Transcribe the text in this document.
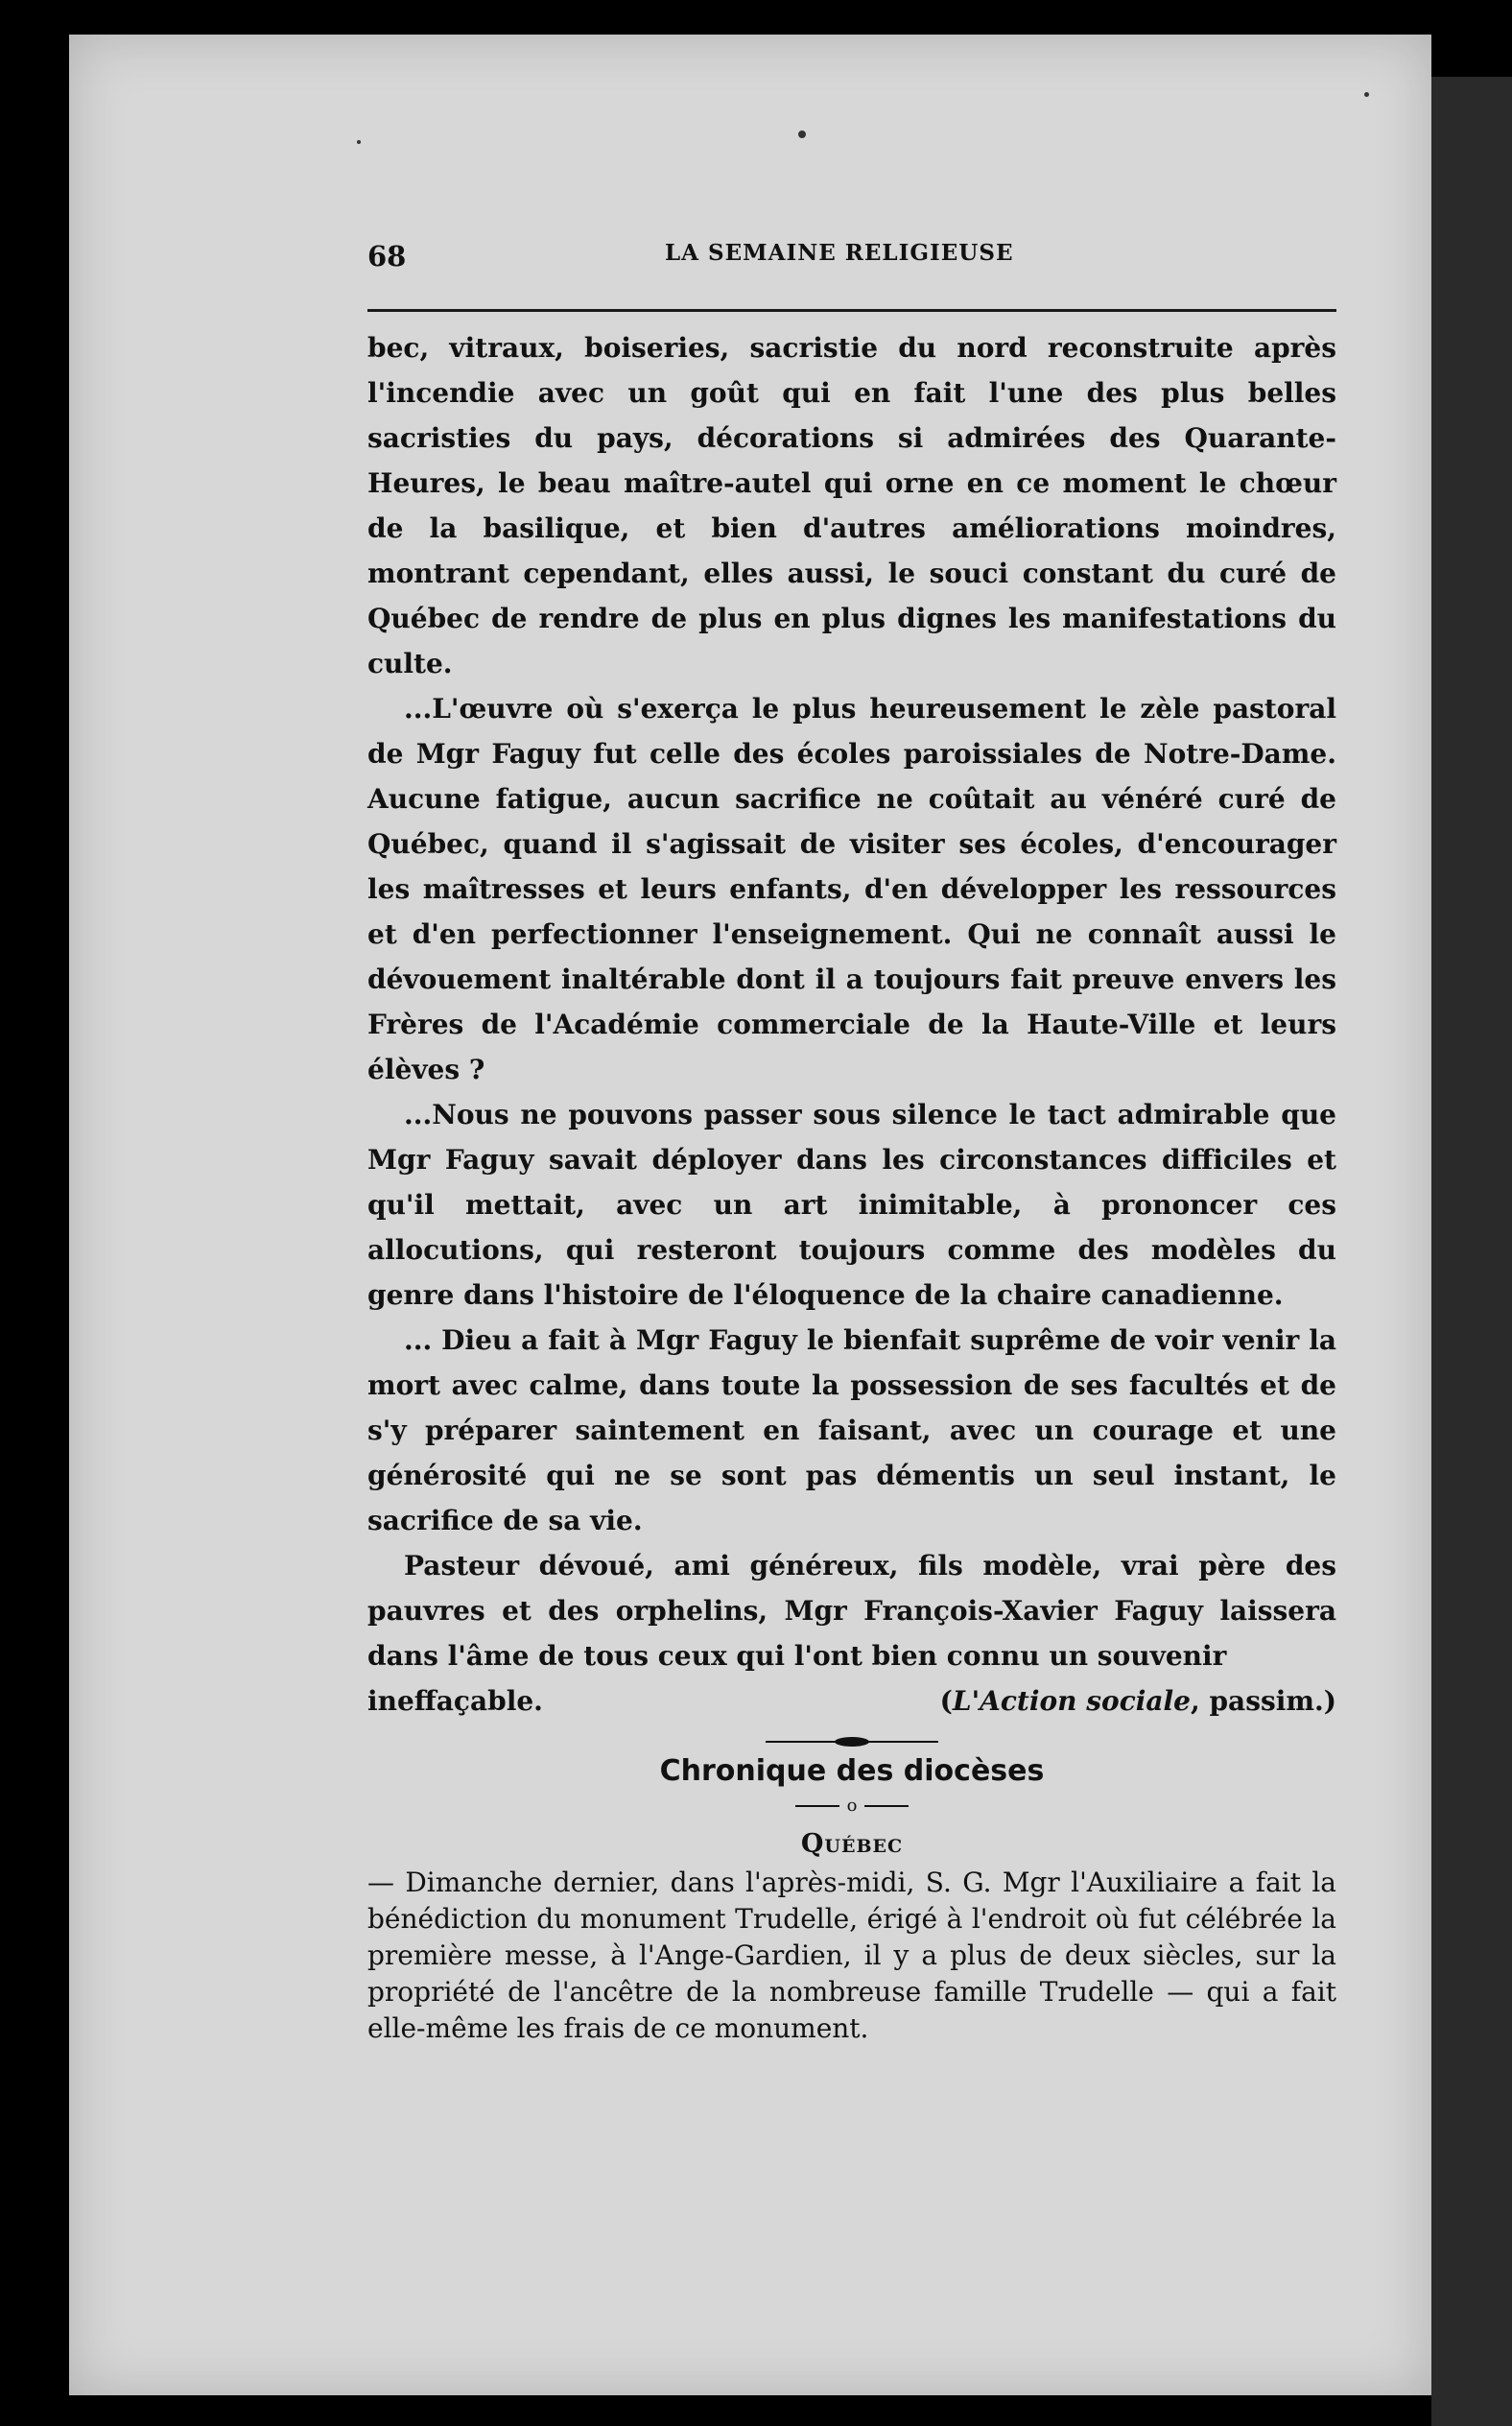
68	LA SEMAINE RELIGIEUSE

bec, vitraux, boiseries, sacristie du nord reconstruite après l'incendie avec un goût qui en fait l'une des plus belles sacristies du pays, décorations si admirées des Quarante-Heures, le beau maître-autel qui orne en ce moment le chœur de la basilique, et bien d'autres améliorations moindres, montrant cependant, elles aussi, le souci constant du curé de Québec de rendre de plus en plus dignes les manifestations du culte.

...L'œuvre où s'exerça le plus heureusement le zèle pastoral de Mgr Faguy fut celle des écoles paroissiales de Notre-Dame. Aucune fatigue, aucun sacrifice ne coûtait au vénéré curé de Québec, quand il s'agissait de visiter ses écoles, d'encourager les maîtresses et leurs enfants, d'en développer les ressources et d'en perfectionner l'enseignement. Qui ne connaît aussi le dévouement inaltérable dont il a toujours fait preuve envers les Frères de l'Académie commerciale de la Haute-Ville et leurs élèves ?

...Nous ne pouvons passer sous silence le tact admirable que Mgr Faguy savait déployer dans les circonstances difficiles et qu'il mettait, avec un art inimitable, à prononcer ces allocutions, qui resteront toujours comme des modèles du genre dans l'histoire de l'éloquence de la chaire canadienne.

... Dieu a fait à Mgr Faguy le bienfait suprême de voir venir la mort avec calme, dans toute la possession de ses facultés et de s'y préparer saintement en faisant, avec un courage et une générosité qui ne se sont pas démentis un seul instant, le sacrifice de sa vie.

Pasteur dévoué, ami généreux, fils modèle, vrai père des pauvres et des orphelins, Mgr François-Xavier Faguy laissera dans l'âme de tous ceux qui l'ont bien connu un souvenir

ineffaçable.	(L'Action sociale, passim.)
Chronique des diocèses
o
Québec

— Dimanche dernier, dans l'après-midi, S. G. Mgr l'Auxiliaire a fait la bénédiction du monument Trudelle, érigé à l'endroit où fut célébrée la première messe, à l'Ange-Gardien, il y a plus de deux siècles, sur la propriété de l'ancêtre de la nombreuse famille Trudelle — qui a fait elle-même les frais de ce monument.
